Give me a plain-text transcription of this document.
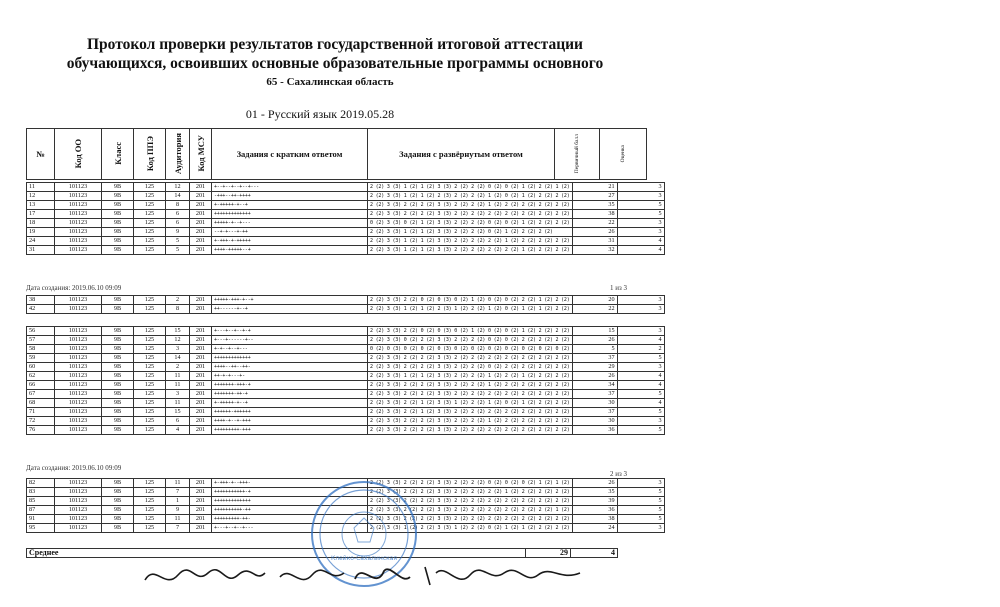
Протокол проверки результатов государственной итоговой аттестации
обучающихся, освоивших основные образовательные программы основного
65 - Сахалинская область
01 - Русский язык 2019.05.28
№	Код ОО	Класс	Код ППЭ	Аудитория	Код МСУ	Задания с кратким ответом	Задания с развёрнутым ответом	Первичный балл	Оценка
11	101123	9В	125	12	201	+--+--+--+--+---	2 (2) 3 (3) 1 (2) 1 (2) 3 (3) 2 (2) 2 (2) 0 (2) 0 (2) 1 (2) 2 (2) 1 (2)	21	3
12	101123	9В	125	14	201	-+++--++-++++	2 (2) 3 (3) 1 (2) 1 (2) 2 (3) 2 (2) 2 (2) 1 (2) 0 (2) 1 (2) 2 (2) 2 (2)	27	3
13	101123	9В	125	8	201	+-+++++-+--+	2 (2) 3 (3) 2 (2) 2 (2) 3 (3) 2 (2) 2 (2) 1 (2) 2 (2) 2 (2) 2 (2) 2 (2)	35	5
17	101123	9В	125	6	201	+++++++++++++	2 (2) 3 (3) 2 (2) 2 (2) 3 (3) 2 (2) 2 (2) 2 (2) 2 (2) 2 (2) 2 (2) 2 (2)	38	5
18	101123	9В	125	6	201	+++++-+--+---	0 (2) 3 (3) 0 (2) 1 (2) 3 (3) 2 (2) 2 (2) 0 (2) 0 (2) 1 (2) 2 (2) 2 (2)	22	3
19	101123	9В	125	9	201	--+-+---+-++	2 (2) 3 (3) 1 (2) 1 (2) 3 (3) 2 (2) 2 (2) 0 (2) 1 (2) 2 (2) 2 (2)	26	3
24	101123	9В	125	5	201	+-+++-+-+++++	2 (2) 3 (3) 1 (2) 1 (2) 3 (3) 2 (2) 2 (2) 2 (2) 1 (2) 2 (2) 2 (2) 2 (2)	31	4
31	101123	9В	125	5	201	++++-+++++--+	2 (2) 3 (3) 1 (2) 1 (2) 3 (3) 2 (2) 2 (2) 2 (2) 2 (2) 1 (2) 2 (2) 2 (2)	32	4
Дата создания: 2019.06.10 09:09	1 из 3
38	101123	9В	125	2	201	+++++-+++-+--+	2 (2) 3 (3) 2 (2) 0 (2) 0 (3) 0 (2) 1 (2) 0 (2) 0 (2) 2 (2) 1 (2) 2 (2)	20	3
42	101123	9В	125	8	201	++------+--+	2 (2) 3 (3) 1 (2) 1 (2) 2 (3) 1 (2) 2 (2) 1 (2) 0 (2) 1 (2) 1 (2) 2 (2)	22	3
56	101123	9В	125	15	201	+---+--+--+-+	2 (2) 3 (3) 2 (2) 0 (2) 0 (3) 0 (2) 1 (2) 0 (2) 0 (2) 1 (2) 2 (2) 2 (2)	15	3
57	101123	9В	125	12	201	+---+------+--	2 (2) 3 (3) 0 (2) 2 (2) 3 (3) 2 (2) 2 (2) 0 (2) 0 (2) 2 (2) 2 (2) 2 (2)	26	4
58	101123	9В	125	3	201	+-+--+--+---	0 (2) 0 (3) 0 (2) 0 (2) 0 (3) 0 (2) 0 (2) 0 (2) 0 (2) 0 (2) 0 (2) 0 (2)	5	2
59	101123	9В	125	14	201	+++++++++++++	2 (2) 3 (3) 2 (2) 2 (2) 3 (3) 2 (2) 2 (2) 2 (2) 2 (2) 2 (2) 2 (2) 2 (2)	37	5
60	101123	9В	125	2	201	++++--++--++-	2 (2) 3 (3) 2 (2) 2 (2) 3 (3) 2 (2) 2 (2) 0 (2) 2 (2) 2 (2) 2 (2) 2 (2)	29	3
62	101123	9В	125	11	201	++-+-+---+-	2 (2) 3 (3) 1 (2) 1 (2) 3 (3) 2 (2) 2 (2) 1 (2) 2 (2) 1 (2) 2 (2) 2 (2)	26	4
66	101123	9В	125	11	201	+++++++-+++-+	2 (2) 3 (3) 2 (2) 2 (2) 3 (3) 2 (2) 2 (2) 1 (2) 2 (2) 2 (2) 2 (2) 2 (2)	34	4
67	101123	9В	125	3	201	+++++++-++-+	2 (2) 3 (3) 2 (2) 2 (2) 3 (3) 2 (2) 2 (2) 2 (2) 2 (2) 2 (2) 2 (2) 2 (2)	37	5
68	101123	9В	125	11	201	+-+++++-+--+	2 (2) 3 (3) 2 (2) 1 (2) 3 (3) 1 (2) 2 (2) 1 (2) 0 (2) 1 (2) 2 (2) 2 (2)	30	4
71	101123	9В	125	15	201	++++++-++++++	2 (2) 3 (3) 2 (2) 1 (2) 3 (3) 2 (2) 2 (2) 2 (2) 2 (2) 2 (2) 2 (2) 2 (2)	37	5
72	101123	9В	125	6	201	++++-+--+-+++	2 (2) 3 (3) 2 (2) 2 (2) 3 (3) 2 (2) 2 (2) 1 (2) 2 (2) 2 (2) 2 (2) 2 (2)	30	3
76	101123	9В	125	4	201	+++++++++-+++	2 (2) 3 (3) 2 (2) 2 (2) 3 (3) 2 (2) 2 (2) 2 (2) 2 (2) 2 (2) 2 (2) 2 (2)	36	5
Дата создания: 2019.06.10 09:09
2 из 3
82	101123	9В	125	11	201	+-+++-+--+++-	2 (2) 3 (3) 2 (2) 2 (2) 3 (3) 2 (2) 2 (2) 0 (2) 0 (2) 0 (2) 1 (2) 1 (2)	26	3
83	101123	9В	125	7	201	+++++++++++-+	2 (2) 3 (3) 2 (2) 2 (2) 3 (3) 2 (2) 2 (2) 2 (2) 1 (2) 2 (2) 2 (2) 2 (2)	35	5
85	101123	9В	125	1	201	+++++++++++++	2 (2) 3 (3) 2 (2) 2 (2) 3 (3) 2 (2) 2 (2) 2 (2) 2 (2) 2 (2) 2 (2) 2 (2)	39	5
87	101123	9В	125	9	201	++++++++++-++	2 (2) 3 (3) 2 (2) 2 (2) 3 (3) 2 (2) 2 (2) 2 (2) 2 (2) 2 (2) 2 (2) 1 (2)	36	5
91	101123	9В	125	11	201	+++++++++-++-	2 (2) 3 (3) 2 (2) 2 (2) 3 (3) 2 (2) 2 (2) 2 (2) 2 (2) 2 (2) 2 (2) 2 (2)	38	5
95	101123	9В	125	7	201	+---+--+--+---	2 (2) 3 (3) 1 (2) 2 (2) 3 (3) 1 (2) 2 (2) 0 (2) 1 (2) 1 (2) 2 (2) 2 (2)	24	3
Среднее	29	4
Клейко-Сахалинская
